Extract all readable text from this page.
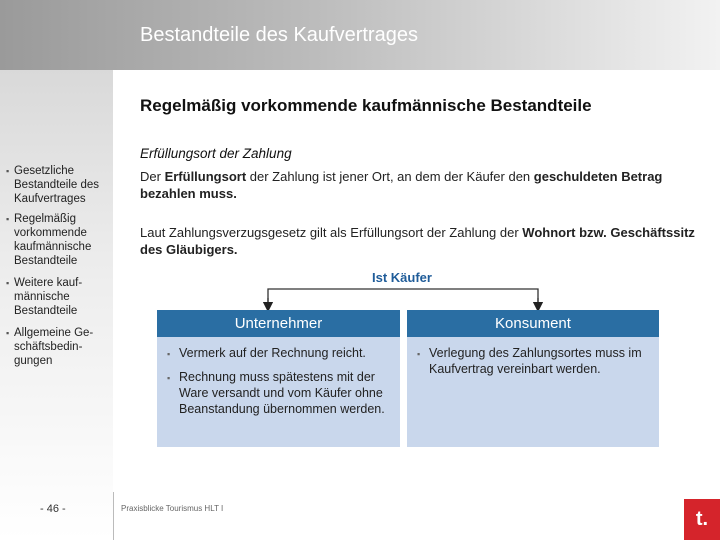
Bestandteile des Kaufvertrages
▪ Gesetzliche Bestandteile des Kaufvertrages
▪ Regelmäßig vorkommende kaufmännische Bestandteile
▪ Weitere kauf- männische Bestandteile
▪ Allgemeine Ge- schäftsbedin- gungen
- 46 -
Regelmäßig vorkommende kaufmännische Bestandteile
Erfüllungsort der Zahlung
Der Erfüllungsort der Zahlung ist jener Ort, an dem der Käufer den geschuldeten Betrag bezahlen muss.
Laut Zahlungsverzugsgesetz gilt als Erfüllungsort der Zahlung der Wohnort bzw. Geschäftssitz des Gläubigers.
Ist Käufer
Unternehmer	Konsument
▪ Vermerk auf der Rechnung reicht.
▪ Rechnung muss spätestens mit der Ware versandt und vom Käufer ohne Beanstandung übernommen werden.
▪ Verlegung des Zahlungsortes muss im Kaufvertrag vereinbart werden.
Praxisblicke Tourismus HLT I	t.
